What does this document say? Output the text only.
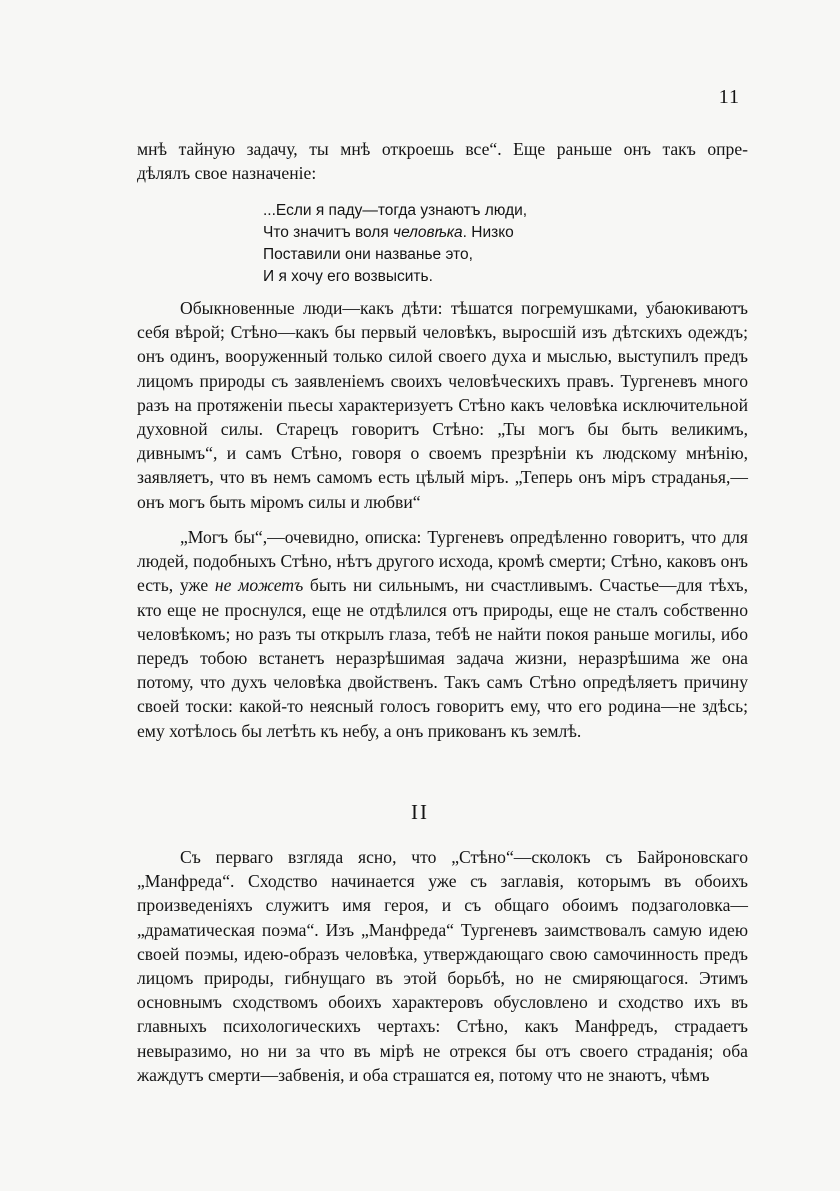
11
мнѣ тайную задачу, ты мнѣ откроешь все“. Еще раньше онъ такъ опре-
дѣлялъ свое назначенiе:
...Если я паду—тогда узнаютъ люди,
Что значитъ воля человѣка. Низко
Поставили они названье это,
И я хочу его возвысить.
Обыкновенные люди—какъ дѣти: тѣшатся погремушками, убаюкиваютъ себя вѣрой; Стѣно—какъ бы первый человѣкъ, выросшiй изъ дѣтскихъ одеждъ; онъ одинъ, вооруженный только силой своего духа и мыслью, выступилъ предъ лицомъ природы съ заявленiемъ своихъ человѣческихъ правъ. Тургеневъ много разъ на протяженiи пьесы характеризуетъ Стѣно какъ человѣка исключительной духовной силы. Старецъ говоритъ Стѣно: „Ты могъ бы быть великимъ, дивнымъ“, и самъ Стѣно, говоря о своемъ презрѣнiи къ людскому мнѣнiю, заявляетъ, что въ немъ самомъ есть цѣлый мiръ. „Теперь онъ мiръ страданья,—онъ могъ быть мiромъ силы и любви“
„Могъ бы“,—очевидно, описка: Тургеневъ опредѣленно говоритъ, что для людей, подобныхъ Стѣно, нѣтъ другого исхода, кромѣ смерти; Стѣно, каковъ онъ есть, уже не можетъ быть ни сильнымъ, ни счастливымъ. Счастье—для тѣхъ, кто еще не проснулся, еще не отдѣлился отъ природы, еще не сталъ собственно человѣкомъ; но разъ ты открылъ глаза, тебѣ не найти покоя раньше могилы, ибо передъ тобою встанетъ неразрѣшимая задача жизни, неразрѣшима же она потому, что духъ человѣка двойственъ. Такъ самъ Стѣно опредѣляетъ причину своей тоски: какой-то неясный голосъ говоритъ ему, что его родина—не здѣсь; ему хотѣлось бы летѣть къ небу, а онъ прикованъ къ землѣ.
II
Съ перваго взгляда ясно, что „Стѣно“—сколокъ съ Байроновскаго „Манфреда“. Сходство начинается уже съ заглавiя, которымъ въ обоихъ произведенiяхъ служитъ имя героя, и съ общаго обоимъ подзаголовка—„драматическая поэма“. Изъ „Манфреда“ Тургеневъ заимствовалъ самую идею своей поэмы, идею-образъ человѣка, утверждающаго свою самочинность предъ лицомъ природы, гибнущаго въ этой борьбѣ, но не смиряющагося. Этимъ основнымъ сходствомъ обоихъ характеровъ обусловлено и сходство ихъ въ главныхъ психологическихъ чертахъ: Стѣно, какъ Манфредъ, страдаетъ невыразимо, но ни за что въ мiрѣ не отрекся бы отъ своего страданiя; оба жаждутъ смерти—забвенiя, и оба страшатся ея, потому что не знаютъ, чѣмъ
